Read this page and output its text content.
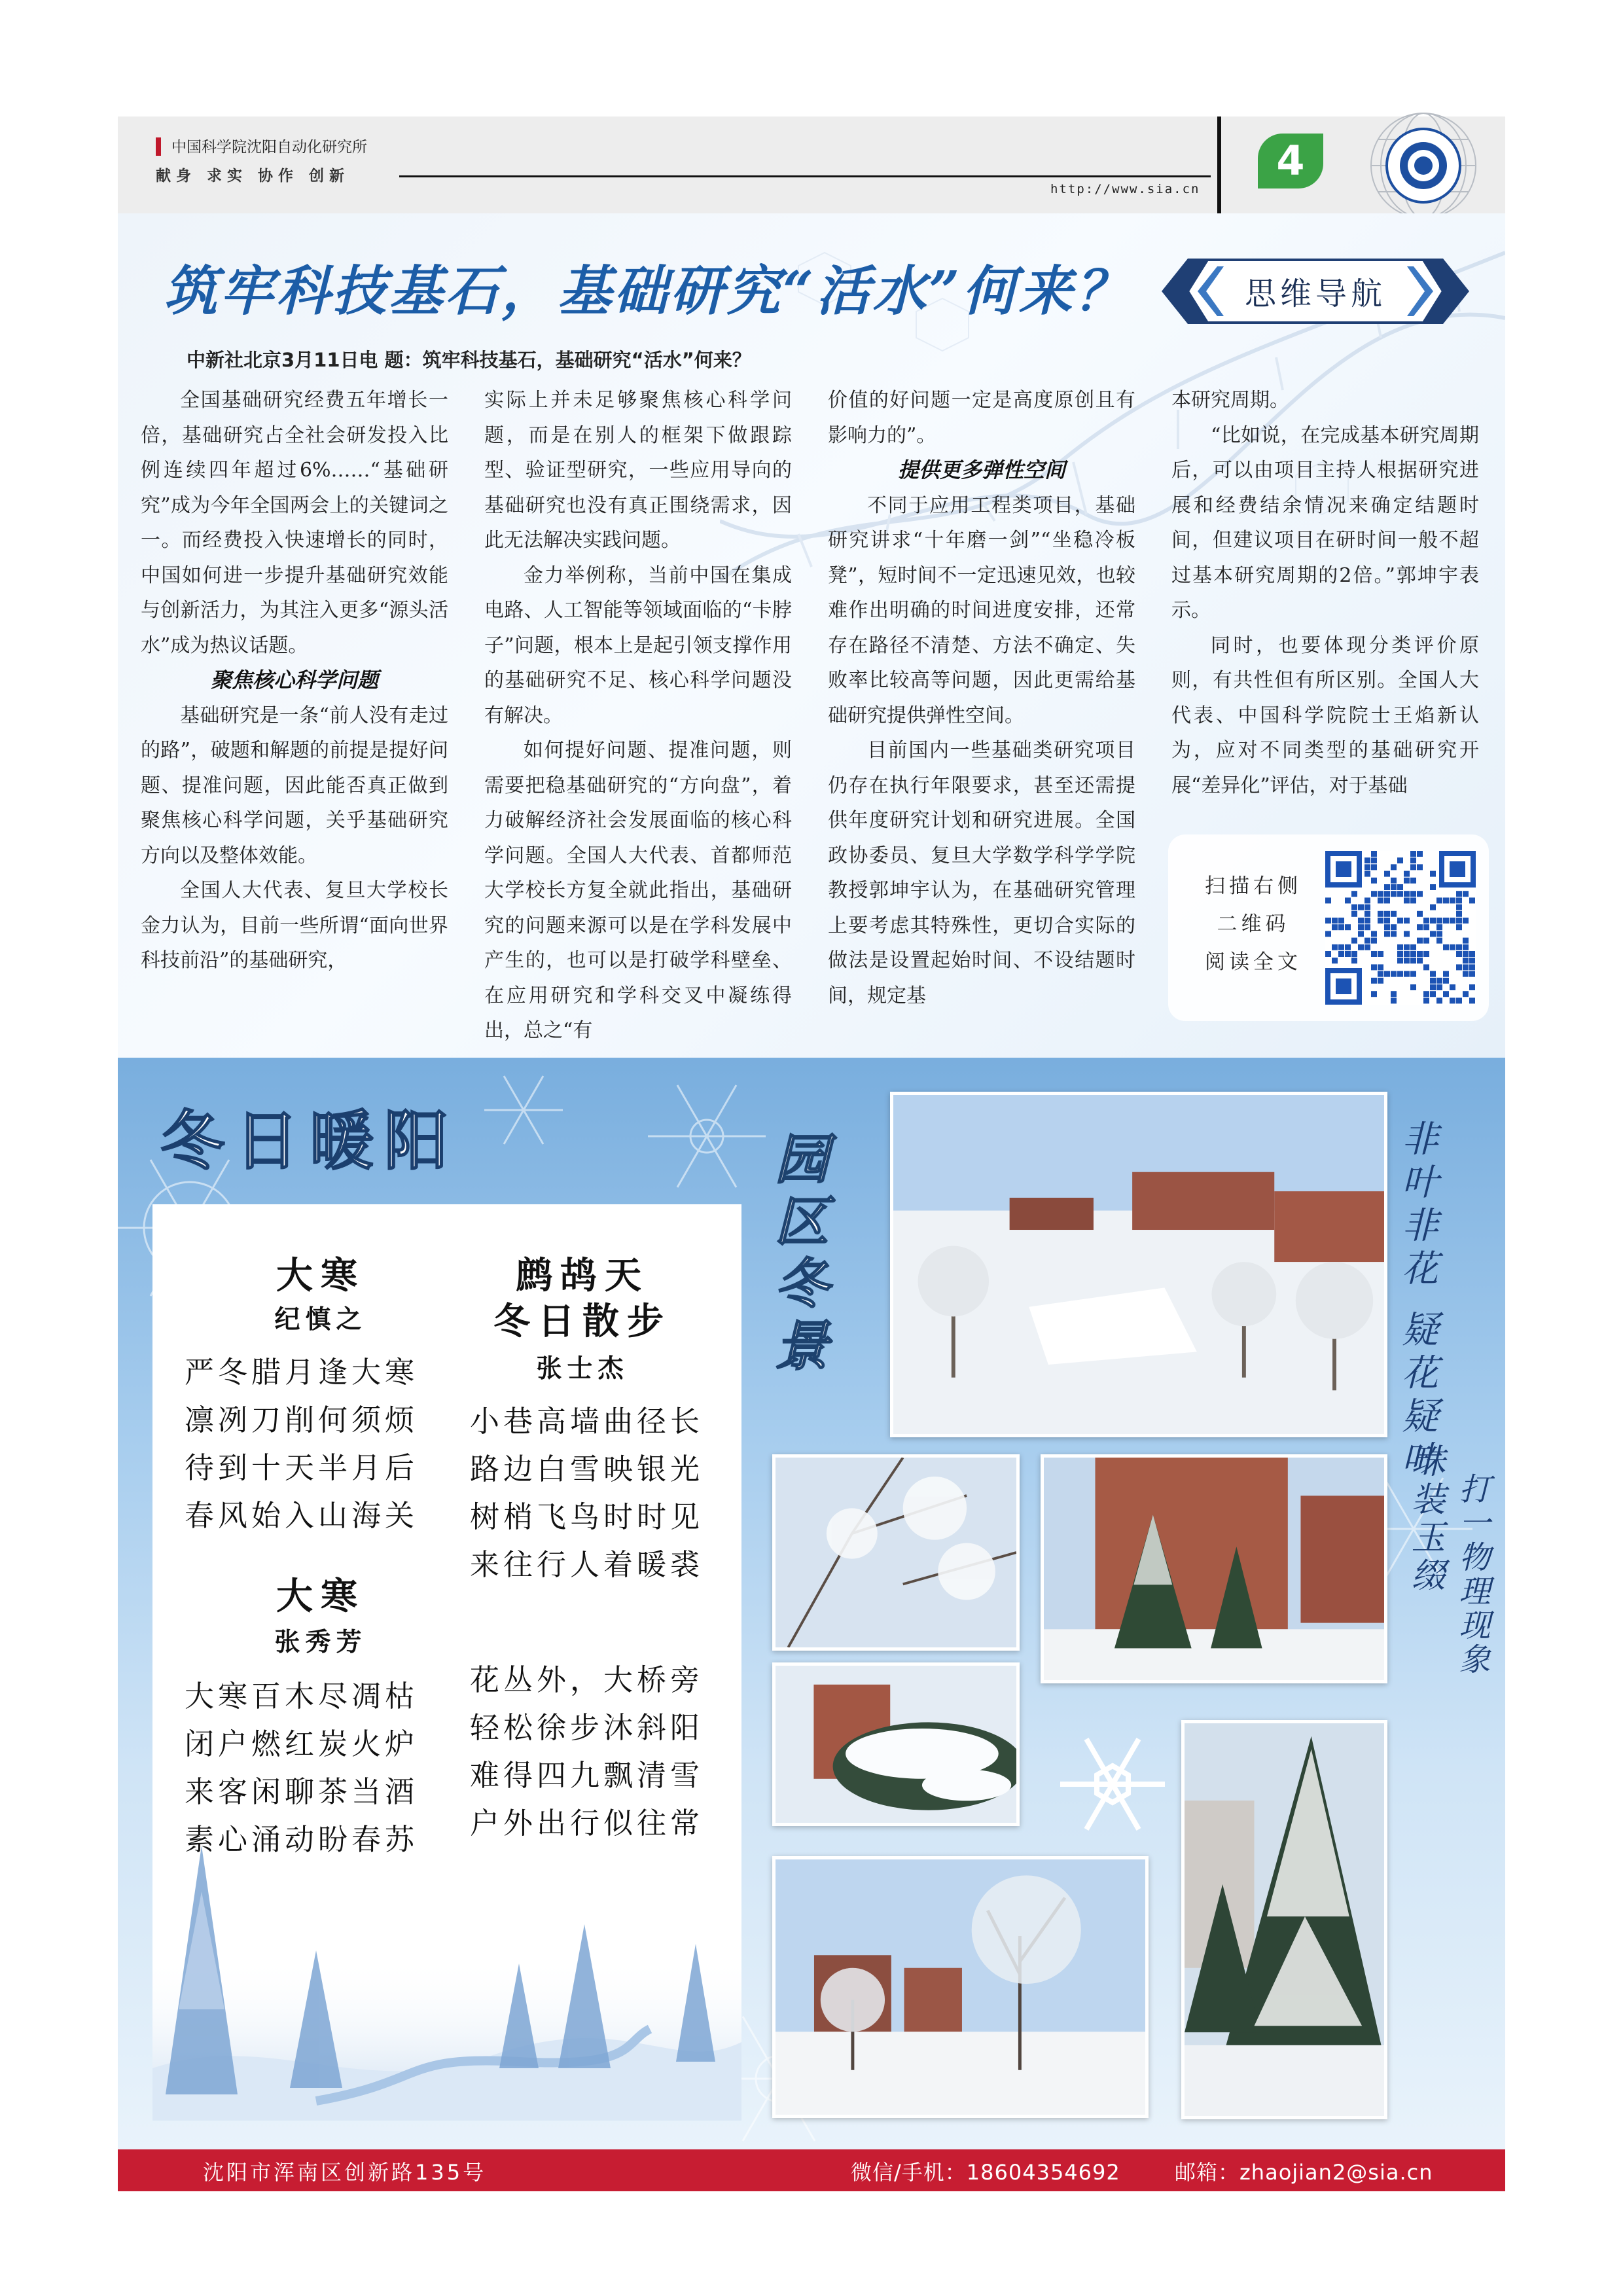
中国科学院沈阳自动化研究所
献身 求实 协作 创新
http://www.sia.cn
4
筑牢科技基石，基础研究“活水”何来？	思维导航
中新社北京3月11日电 题：筑牢科技基石，基础研究“活水”何来？

全国基础研究经费五年增长一倍，基础研究占全社会研发投入比例连续四年超过6%……“基础研究”成为今年全国两会上的关键词之一。而经费投入快速增长的同时，中国如何进一步提升基础研究效能与创新活力，为其注入更多“源头活水”成为热议话题。

聚焦核心科学问题

基础研究是一条“前人没有走过的路”，破题和解题的前提是提好问题、提准问题，因此能否真正做到聚焦核心科学问题，关乎基础研究方向以及整体效能。

全国人大代表、复旦大学校长金力认为，目前一些所谓“面向世界科技前沿”的基础研究，

实际上并未足够聚焦核心科学问题，而是在别人的框架下做跟踪型、验证型研究，一些应用导向的基础研究也没有真正围绕需求，因此无法解决实践问题。

金力举例称，当前中国在集成电路、人工智能等领域面临的“卡脖子”问题，根本上是起引领支撑作用的基础研究不足、核心科学问题没有解决。

如何提好问题、提准问题，则需要把稳基础研究的“方向盘”，着力破解经济社会发展面临的核心科学问题。全国人大代表、首都师范大学校长方复全就此指出，基础研究的问题来源可以是在学科发展中产生的，也可以是打破学科壁垒、在应用研究和学科交叉中凝练得出，总之“有

价值的好问题一定是高度原创且有影响力的”。

提供更多弹性空间

不同于应用工程类项目，基础研究讲求“十年磨一剑”“坐稳冷板凳”，短时间不一定迅速见效，也较难作出明确的时间进度安排，还常存在路径不清楚、方法不确定、失败率比较高等问题，因此更需给基础研究提供弹性空间。

目前国内一些基础类研究项目仍存在执行年限要求，甚至还需提供年度研究计划和研究进展。全国政协委员、复旦大学数学科学学院教授郭坤宇认为，在基础研究管理上要考虑其特殊性，更切合实际的做法是设置起始时间、不设结题时间，规定基

本研究周期。

“比如说，在完成基本研究周期后，可以由项目主持人根据研究进展和经费结余情况来确定结题时间，但建议项目在研时间一般不超过基本研究周期的2倍。”郭坤宇表示。

同时，也要体现分类评价原则，有共性但有所区别。全国人大代表、中国科学院院士王焰新认为，应对不同类型的基础研究开展“差异化”评估，对于基础

扫描右侧
二维码
阅读全文
冬日暖阳
大寒
纪慎之
严冬腊月逢大寒
凛冽刀削何须烦
待到十天半月后
春风始入山海关
大寒
张秀芳
大寒百木尽凋枯
闭户燃红炭火炉
来客闲聊茶当酒
素心涌动盼春苏
鹧鸪天
冬日散步
张士杰
小巷高墙曲径长
路边白雪映银光
树梢飞鸟时时见
来往行人着暖裘
花丛外，大桥旁
轻松徐步沐斜阳
难得四九飘清雪
户外出行似往常
园
区
冬
景
非叶非花 疑花疑叶
珠装玉缀 打一物理现象
沈阳市浑南区创新路135号	微信/手机：18604354692	邮箱：zhaojian2@sia.cn
